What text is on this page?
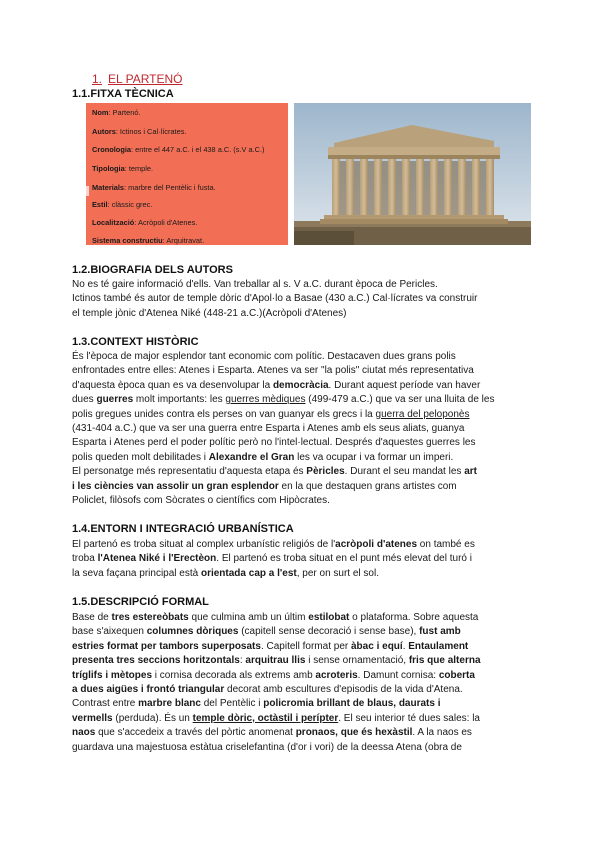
1. EL PARTENÓ
1.1.FITXA TÈCNICA
Nom: Partenó.
Autors: Ictinos i Cal·lícrates.
Cronologia: entre el 447 a.C. i el 438 a.C. (s.V a.C.)
Tipologia: temple.
Materials: marbre del Pentèlic i fusta.
Estil: clàssic grec.
Localització: Acròpoli d'Atenes.
Sistema constructiu: Arquitravat.
1.2.BIOGRAFIA DELS AUTORS
No es té gaire informació d'ells. Van treballar al s. V a.C. durant època de Pericles.
Ictinos també és autor de temple dòric d'Apol·lo a Basae (430 a.C.) Cal·lícrates va construir
el temple jònic d'Atenea Niké (448-21 a.C.)(Acròpoli d'Atenes)
1.3.CONTEXT HISTÒRIC
És l'època de major esplendor tant economic com polític. Destacaven dues grans polis
enfrontades entre elles: Atenes i Esparta. Atenes va ser "la polis" ciutat més representativa
d'aquesta època quan es va desenvolupar la democràcia. Durant aquest període van haver
dues guerres molt importants: les guerres mèdiques (499-479 a.C.) que va ser una lluita de les
polis gregues unides contra els perses on van guanyar els grecs i la guerra del peloponès
(431-404 a.C.) que va ser una guerra entre Esparta i Atenes amb els seus aliats, guanya
Esparta i Atenes perd el poder polític però no l'intel·lectual. Després d'aquestes guerres les
polis queden molt debilitades i Alexandre el Gran les va ocupar i va formar un imperi.
El personatge més representatiu d'aquesta etapa és Pèricles. Durant el seu mandat les art
i les ciències van assolir un gran esplendor en la que destaquen grans artistes com
Policlet, filòsofs com Sòcrates o científics com Hipòcrates.
1.4.ENTORN I INTEGRACIÓ URBANÍSTICA
El partenó es troba situat al complex urbanístic religiós de l'acròpoli d'atenes on també es
troba l'Atenea Niké i l'Erectèon. El partenó es troba situat en el punt més elevat del turó i
la seva façana principal està orientada cap a l'est, per on surt el sol.
1.5.DESCRIPCIÓ FORMAL
Base de tres estereòbats que culmina amb un últim estilobat o plataforma. Sobre aquesta
base s'aixequen columnes dòriques (capitell sense decoració i sense base), fust amb
estries format per tambors superposats. Capitell format per àbac i equí. Entaulament
presenta tres seccions horitzontals: arquitrau llis i sense ornamentació, fris que alterna
tríglifs i mètopes i cornisa decorada als extrems amb acroteris. Damunt cornisa: coberta
a dues aigües i frontó triangular decorat amb escultures d'episodis de la vida d'Atena.
Contrast entre marbre blanc del Pentèlic i policromia brillant de blaus, daurats i
vermells (perduda). És un temple dòric, octàstil i perípter. El seu interior té dues sales: la
naos que s'accedeix a través del pòrtic anomenat pronaos, que és hexàstil. A la naos es
guardava una majestuosa estàtua criselefantina (d'or i vori) de la deessa Atena (obra de
